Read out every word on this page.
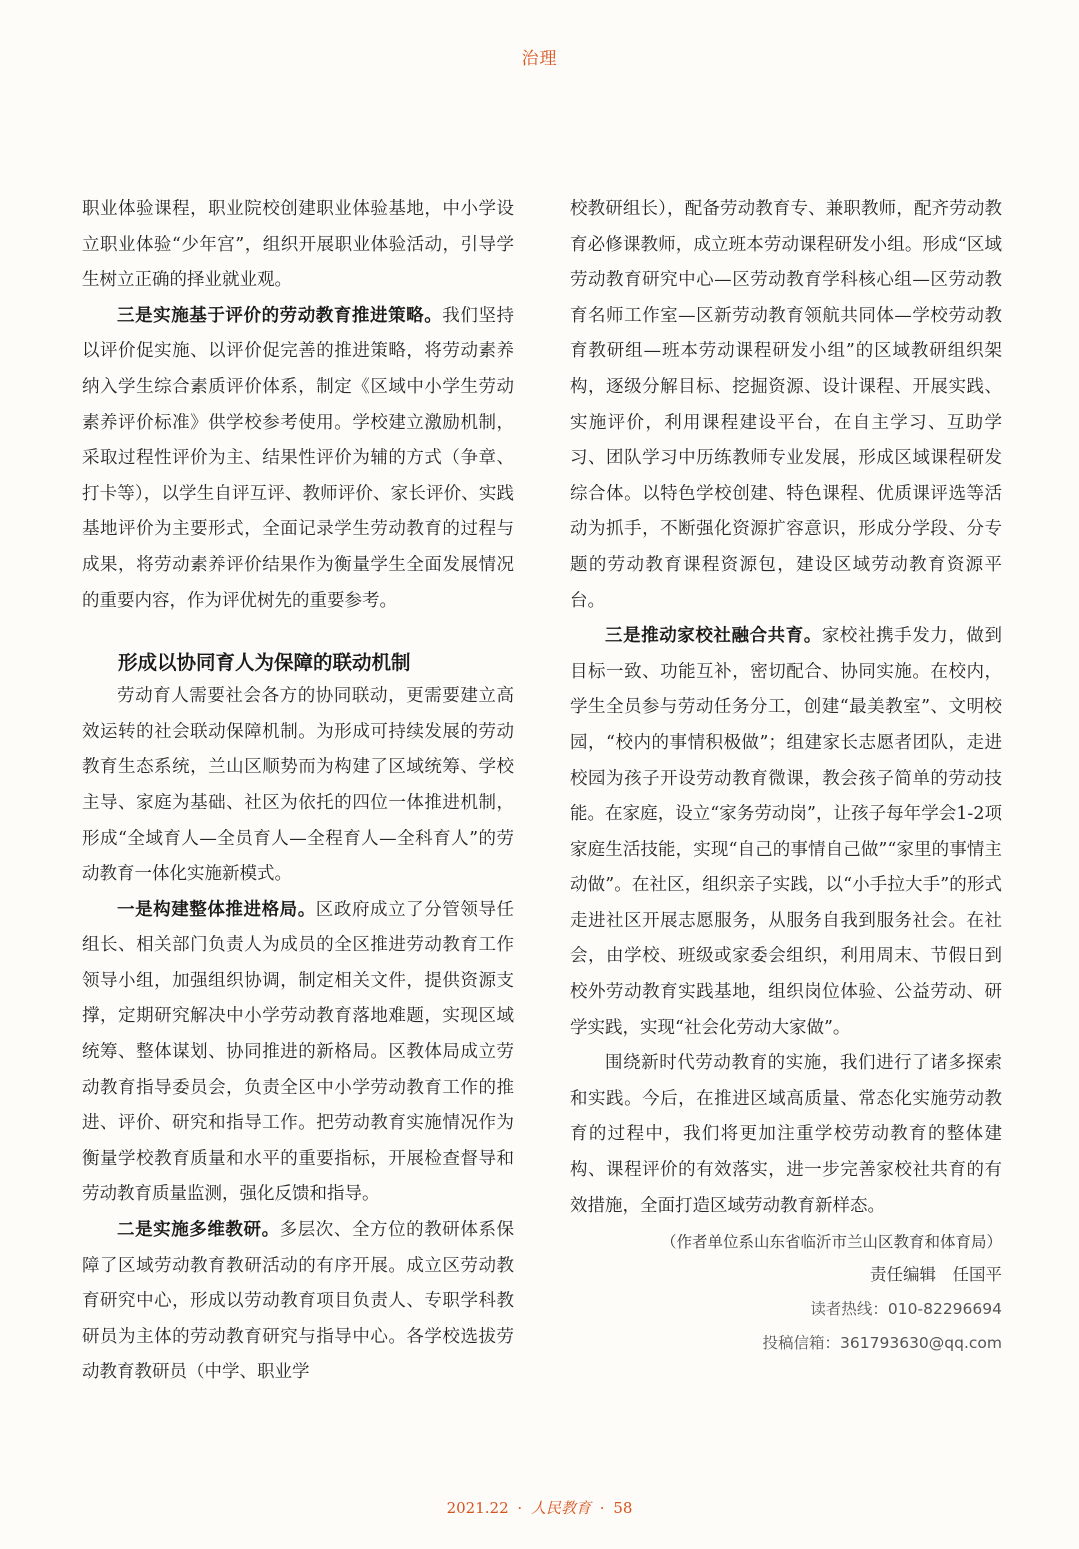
治理

职业体验课程，职业院校创建职业体验基地，中小学设立职业体验“少年宫”，组织开展职业体验活动，引导学生树立正确的择业就业观。

三是实施基于评价的劳动教育推进策略。我们坚持以评价促实施、以评价促完善的推进策略，将劳动素养纳入学生综合素质评价体系，制定《区域中小学生劳动素养评价标准》供学校参考使用。学校建立激励机制，采取过程性评价为主、结果性评价为辅的方式（争章、打卡等），以学生自评互评、教师评价、家长评价、实践基地评价为主要形式，全面记录学生劳动教育的过程与成果，将劳动素养评价结果作为衡量学生全面发展情况的重要内容，作为评优树先的重要参考。

形成以协同育人为保障的联动机制

劳动育人需要社会各方的协同联动，更需要建立高效运转的社会联动保障机制。为形成可持续发展的劳动教育生态系统，兰山区顺势而为构建了区域统筹、学校主导、家庭为基础、社区为依托的四位一体推进机制，形成“全域育人—全员育人—全程育人—全科育人”的劳动教育一体化实施新模式。

一是构建整体推进格局。区政府成立了分管领导任组长、相关部门负责人为成员的全区推进劳动教育工作领导小组，加强组织协调，制定相关文件，提供资源支撑，定期研究解决中小学劳动教育落地难题，实现区域统筹、整体谋划、协同推进的新格局。区教体局成立劳动教育指导委员会，负责全区中小学劳动教育工作的推进、评价、研究和指导工作。把劳动教育实施情况作为衡量学校教育质量和水平的重要指标，开展检查督导和劳动教育质量监测，强化反馈和指导。

二是实施多维教研。多层次、全方位的教研体系保障了区域劳动教育教研活动的有序开展。成立区劳动教育研究中心，形成以劳动教育项目负责人、专职学科教研员为主体的劳动教育研究与指导中心。各学校选拔劳动教育教研员（中学、职业学

校教研组长），配备劳动教育专、兼职教师，配齐劳动教育必修课教师，成立班本劳动课程研发小组。形成“区域劳动教育研究中心—区劳动教育学科核心组—区劳动教育名师工作室—区新劳动教育领航共同体—学校劳动教育教研组—班本劳动课程研发小组”的区域教研组织架构，逐级分解目标、挖掘资源、设计课程、开展实践、实施评价，利用课程建设平台，在自主学习、互助学习、团队学习中历练教师专业发展，形成区域课程研发综合体。以特色学校创建、特色课程、优质课评选等活动为抓手，不断强化资源扩容意识，形成分学段、分专题的劳动教育课程资源包，建设区域劳动教育资源平台。

三是推动家校社融合共育。家校社携手发力，做到目标一致、功能互补，密切配合、协同实施。在校内，学生全员参与劳动任务分工，创建“最美教室”、文明校园，“校内的事情积极做”；组建家长志愿者团队，走进校园为孩子开设劳动教育微课，教会孩子简单的劳动技能。在家庭，设立“家务劳动岗”，让孩子每年学会1-2项家庭生活技能，实现“自己的事情自己做”“家里的事情主动做”。在社区，组织亲子实践，以“小手拉大手”的形式走进社区开展志愿服务，从服务自我到服务社会。在社会，由学校、班级或家委会组织，利用周末、节假日到校外劳动教育实践基地，组织岗位体验、公益劳动、研学实践，实现“社会化劳动大家做”。

围绕新时代劳动教育的实施，我们进行了诸多探索和实践。今后，在推进区域高质量、常态化实施劳动教育的过程中，我们将更加注重学校劳动教育的整体建构、课程评价的有效落实，进一步完善家校社共育的有效措施，全面打造区域劳动教育新样态。

（作者单位系山东省临沂市兰山区教育和体育局）

责任编辑　任国平

读者热线：010-82296694

投稿信箱：361793630@qq.com

2021.22 · 人民教育 · 58
